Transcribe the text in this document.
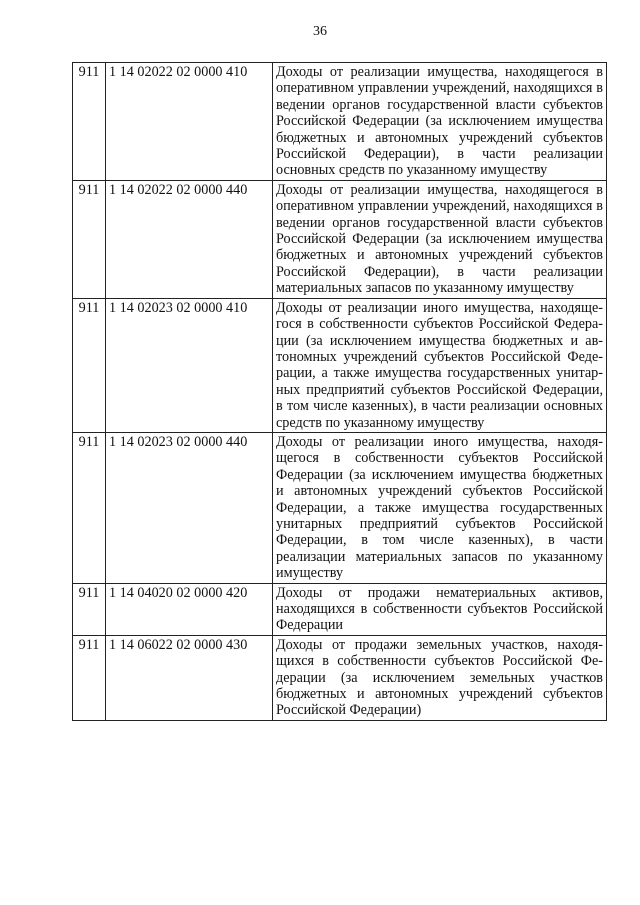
36
911	1 14 02022 02 0000 410	Доходы от реализации имущества, находящегося в оперативном управлении учреждений, находящихся в ведении органов государственной власти субъектов Российской Федерации (за исключением имущества бюджетных и автономных учреждений субъектов Российской Федерации), в части реализации основных средств по указанному имуществу
911	1 14 02022 02 0000 440	Доходы от реализации имущества, находящегося в оперативном управлении учреждений, находящихся в ведении органов государственной власти субъектов Российской Федерации (за исключением имущества бюджетных и автономных учреждений субъектов Российской Федерации), в части реализации материальных запасов по указанному имуществу
911	1 14 02023 02 0000 410	Доходы от реализации иного имущества, находящегося в собственности субъектов Российской Федерации (за исключением имущества бюджетных и автономных учреждений субъектов Российской Федерации, а также имущества государственных унитарных предприятий субъектов Российской Федерации, в том числе казенных), в части реализации основных средств по указанному имуществу
911	1 14 02023 02 0000 440	Доходы от реализации иного имущества, находящегося в собственности субъектов Российской Федерации (за исключением имущества бюджетных и автономных учреждений субъектов Российской Федерации, а также имущества государственных унитарных предприятий субъектов Российской Федерации, в том числе казенных), в части реализации материальных запасов по указанному имуществу
911	1 14 04020 02 0000 420	Доходы от продажи нематериальных активов, находящихся в собственности субъектов Российской Федерации
911	1 14 06022 02 0000 430	Доходы от продажи земельных участков, находящихся в собственности субъектов Российской Федерации (за исключением земельных участков бюджетных и автономных учреждений субъектов Российской Федерации)
